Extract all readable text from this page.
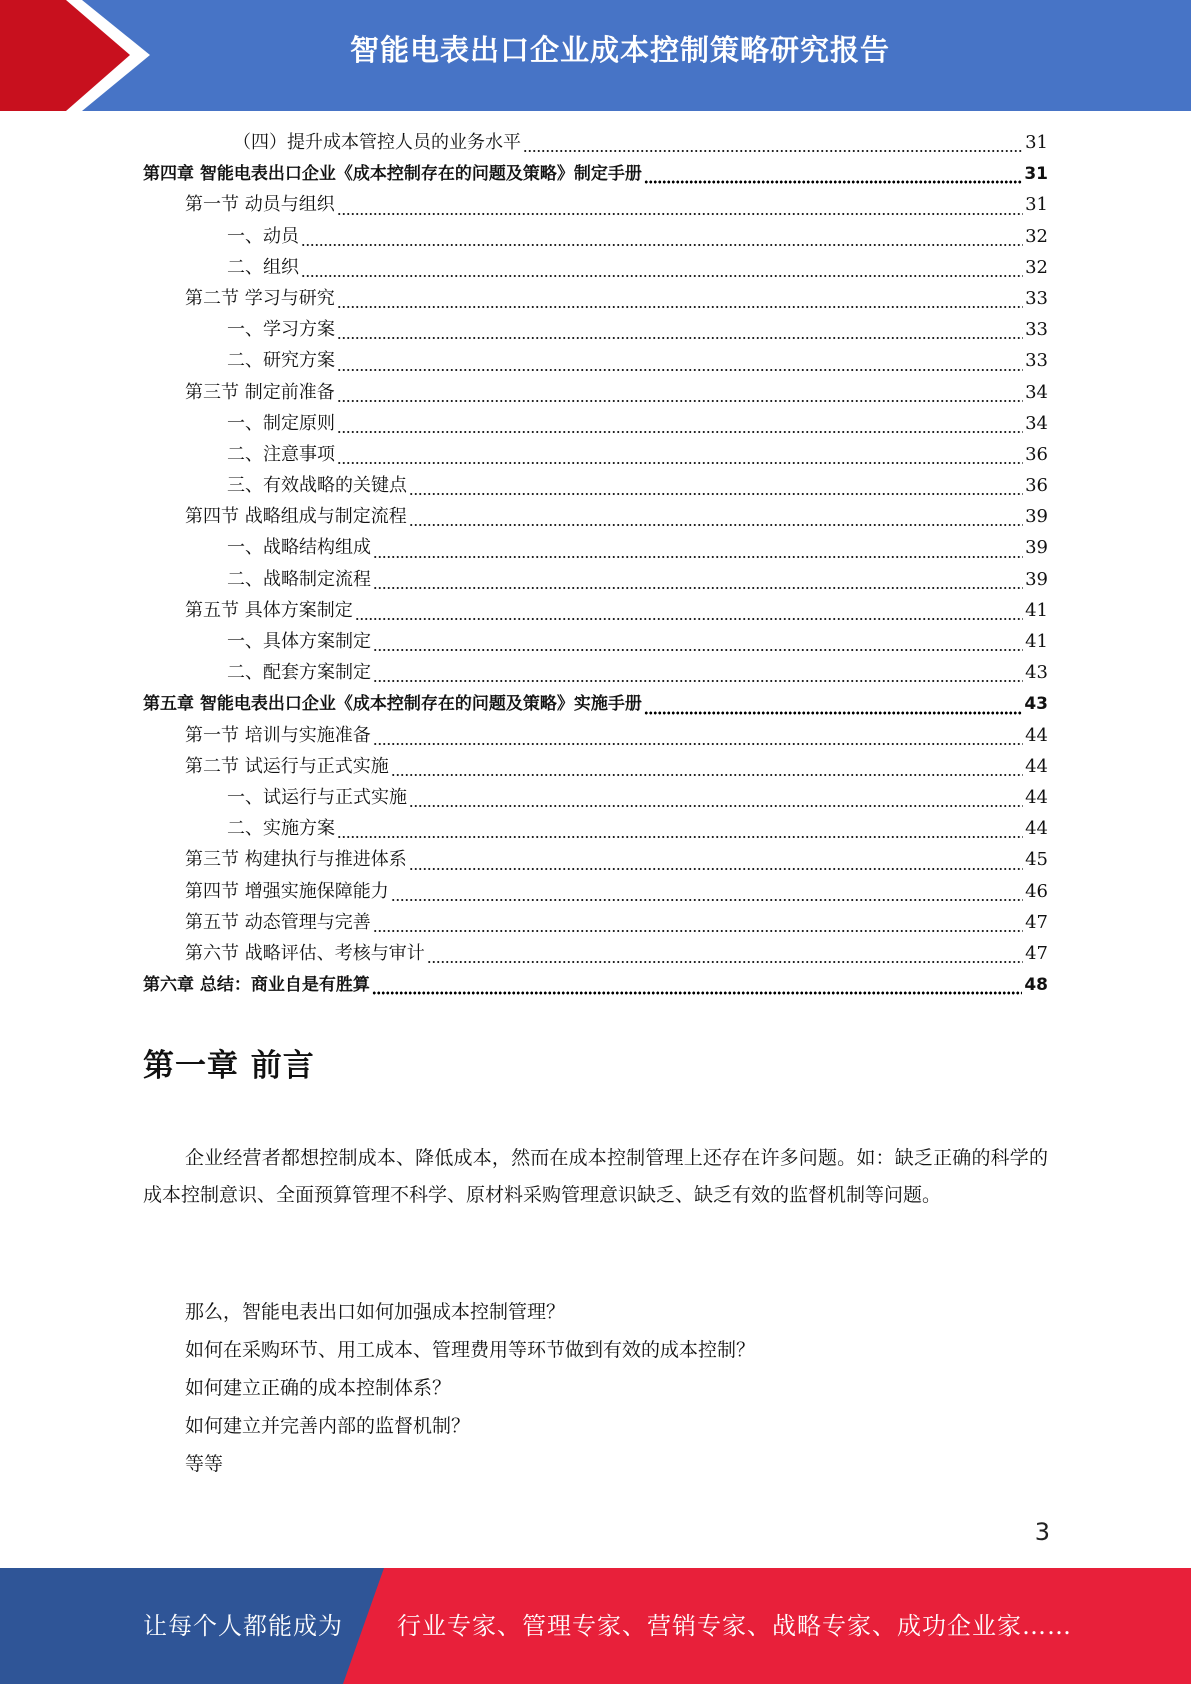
智能电表出口企业成本控制策略研究报告
（四）提升成本管控人员的业务水平	31
第四章 智能电表出口企业《成本控制存在的问题及策略》制定手册	31
第一节 动员与组织	31
一、动员	32
二、组织	32
第二节 学习与研究	33
一、学习方案	33
二、研究方案	33
第三节 制定前准备	34
一、制定原则	34
二、注意事项	36
三、有效战略的关键点	36
第四节 战略组成与制定流程	39
一、战略结构组成	39
二、战略制定流程	39
第五节 具体方案制定	41
一、具体方案制定	41
二、配套方案制定	43
第五章 智能电表出口企业《成本控制存在的问题及策略》实施手册	43
第一节 培训与实施准备	44
第二节 试运行与正式实施	44
一、试运行与正式实施	44
二、实施方案	44
第三节 构建执行与推进体系	45
第四节 增强实施保障能力	46
第五节 动态管理与完善	47
第六节 战略评估、考核与审计	47
第六章 总结：商业自是有胜算	48
第一章 前言

企业经营者都想控制成本、降低成本，然而在成本控制管理上还存在许多问题。如：缺乏正确的科学的成本控制意识、全面预算管理不科学、原材料采购管理意识缺乏、缺乏有效的监督机制等问题。

那么，智能电表出口如何加强成本控制管理？
如何在采购环节、用工成本、管理费用等环节做到有效的成本控制？
如何建立正确的成本控制体系？
如何建立并完善内部的监督机制？
等等
3
让每个人都能成为 行业专家、管理专家、营销专家、战略专家、成功企业家……
